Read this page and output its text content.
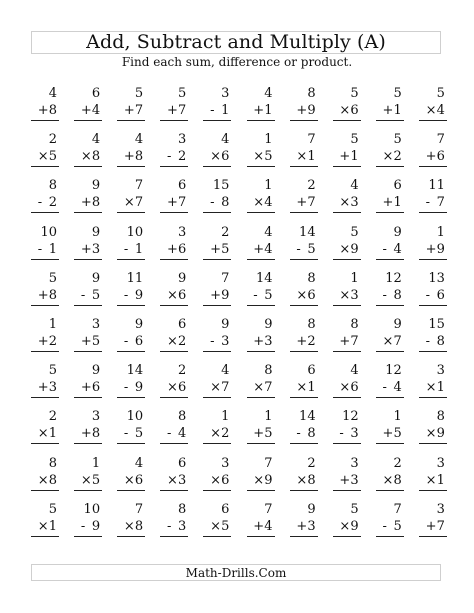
Add, Subtract and Multiply (A)
Find each sum, difference or product.
4
+8
6
+4
5
+7
5
+7
3
- 1
4
+1
8
+9
5
×6
5
+1
5
×4
2
×5
4
×8
4
+8
3
- 2
4
×6
1
×5
7
×1
5
+1
5
×2
7
+6
8
- 2
9
+8
7
×7
6
+7
15
- 8
1
×4
2
+7
4
×3
6
+1
11
- 7
10
- 1
9
+3
10
- 1
3
+6
2
+5
4
+4
14
- 5
5
×9
9
- 4
1
+9
5
+8
9
- 5
11
- 9
9
×6
7
+9
14
- 5
8
×6
1
×3
12
- 8
13
- 6
1
+2
3
+5
9
- 6
6
×2
9
- 3
9
+3
8
+2
8
+7
9
×7
15
- 8
5
+3
9
+6
14
- 9
2
×6
4
×7
8
×7
6
×1
4
×6
12
- 4
3
×1
2
×1
3
+8
10
- 5
8
- 4
1
×2
1
+5
14
- 8
12
- 3
1
+5
8
×9
8
×8
1
×5
4
×6
6
×3
3
×6
7
×9
2
×8
3
+3
2
×8
3
×1
5
×1
10
- 9
7
×8
8
- 3
6
×5
7
+4
9
+3
5
×9
7
- 5
3
+7
Math-Drills.Com
